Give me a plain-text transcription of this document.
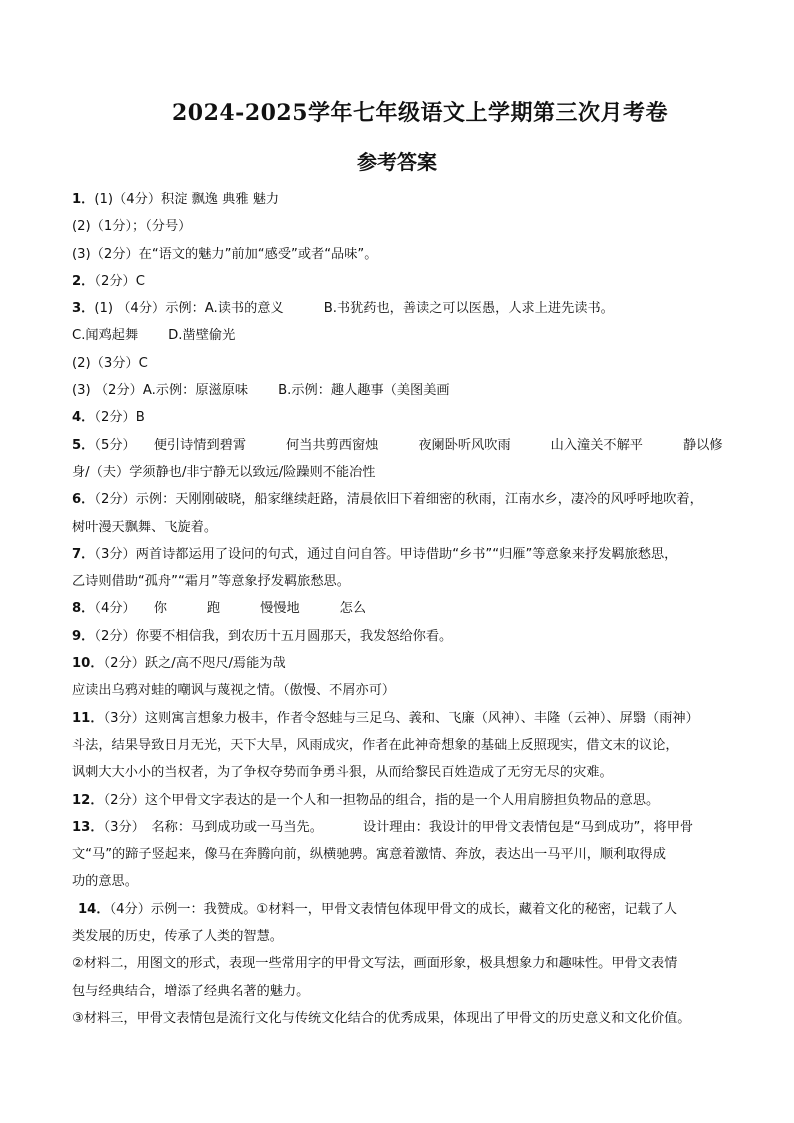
2024-2025学年七年级语文上学期第三次月考卷
参考答案
1．(1)（4分）积淀 飘逸 典雅 魅力
(2)（1分）；（分号）
(3)（2分）在“语文的魅力”前加“感受”或者“品味”。
2．（2分）C
3．(1) （4分）示例：A.读书的意义	B.书犹药也，善读之可以医愚，人求上进先读书。
C.闻鸡起舞 D.凿壁偷光
(2)（3分）C
(3) （2分）A.示例：原滋原味 B.示例：趣人趣事（美图美画
4．（2分）B
5．（5分） 便引诗情到碧霄	何当共剪西窗烛	夜阑卧听风吹雨	山入潼关不解平	静以修
身/（夫）学须静也/非宁静无以致远/险躁则不能冶性
6．（2分）示例：天刚刚破晓，船家继续赶路，清晨依旧下着细密的秋雨，江南水乡，凄冷的风呼呼地吹着，
树叶漫天飘舞、飞旋着。
7．（3分）两首诗都运用了设问的句式，通过自问自答。甲诗借助“乡书”“归雁”等意象来抒发羁旅愁思，
乙诗则借助“孤舟”“霜月”等意象抒发羁旅愁思。
8．（4分） 你	跑	慢慢地	怎么
9．（2分）你要不相信我，到农历十五月圆那天，我发怒给你看。
10．（2分）跃之/高不咫尺/焉能为哉
应读出乌鸦对蛙的嘲讽与蔑视之情。（傲慢、不屑亦可）
11．（3分）这则寓言想象力极丰，作者令怒蛙与三足乌、義和、飞廉（风神）、丰隆（云神）、屏翳（雨神）
斗法，结果导致日月无光，天下大旱，风雨成灾，作者在此神奇想象的基础上反照现实，借文末的议论，
讽刺大大小小的当权者，为了争权夺势而争勇斗狠，从而给黎民百姓造成了无穷无尽的灾难。
12．（2分）这个甲骨文字表达的是一个人和一担物品的组合，指的是一个人用肩膀担负物品的意思。
13．（3分）　名称：马到成功或一马当先。	设计理由：我设计的甲骨文表情包是“马到成功”，将甲骨
文“马”的蹄子竖起来，像马在奔腾向前，纵横驰骋。寓意着激情、奔放，表达出一马平川，顺利取得成
功的意思。
14．（4分）示例一：我赞成。①材料一，甲骨文表情包体现甲骨文的成长，藏着文化的秘密，记载了人
类发展的历史，传承了人类的智慧。
②材料二，用图文的形式，表现一些常用字的甲骨文写法，画面形象，极具想象力和趣味性。甲骨文表情
包与经典结合，增添了经典名著的魅力。
③材料三，甲骨文表情包是流行文化与传统文化结合的优秀成果，体现出了甲骨文的历史意义和文化价值。
